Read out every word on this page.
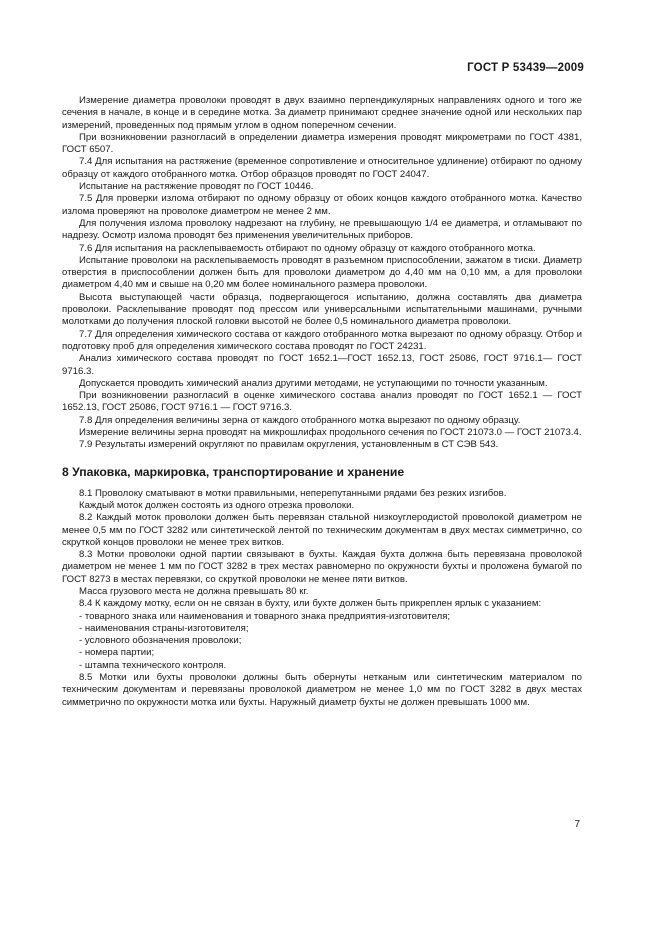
ГОСТ Р 53439—2009

Измерение диаметра проволоки проводят в двух взаимно перпендикулярных направлениях одного и того же сечения в начале, в конце и в середине мотка. За диаметр принимают среднее значение одной или нескольких пар измерений, проведенных под прямым углом в одном поперечном сечении.

При возникновении разногласий в определении диаметра измерения проводят микрометрами по ГОСТ 4381, ГОСТ 6507.

7.4 Для испытания на растяжение (временное сопротивление и относительное удлинение) отбирают по одному образцу от каждого отобранного мотка. Отбор образцов проводят по ГОСТ 24047.

Испытание на растяжение проводят по ГОСТ 10446.

7.5 Для проверки излома отбирают по одному образцу от обоих концов каждого отобранного мотка. Качество излома проверяют на проволоке диаметром не менее 2 мм.

Для получения излома проволоку надрезают на глубину, не превышающую 1/4 ее диаметра, и отламывают по надрезу. Осмотр излома проводят без применения увеличительных приборов.

7.6 Для испытания на расклепываемость отбирают по одному образцу от каждого отобранного мотка.

Испытание проволоки на расклепываемость проводят в разъемном приспособлении, зажатом в тиски. Диаметр отверстия в приспособлении должен быть для проволоки диаметром до 4,40 мм на 0,10 мм, а для проволоки диаметром 4,40 мм и свыше на 0,20 мм более номинального размера проволоки.

Высота выступающей части образца, подвергающегося испытанию, должна составлять два диаметра проволоки. Расклепывание проводят под прессом или универсальными испытательными машинами, ручными молотками до получения плоской головки высотой не более 0,5 номинального диаметра проволоки.

7.7 Для определения химического состава от каждого отобранного мотка вырезают по одному образцу. Отбор и подготовку проб для определения химического состава проводят по ГОСТ 24231.

Анализ химического состава проводят по ГОСТ 1652.1—ГОСТ 1652.13, ГОСТ 25086, ГОСТ 9716.1— ГОСТ 9716.3.

Допускается проводить химический анализ другими методами, не уступающими по точности указанным.

При возникновении разногласий в оценке химического состава анализ проводят по ГОСТ 1652.1 — ГОСТ 1652.13, ГОСТ 25086, ГОСТ 9716.1 — ГОСТ 9716.3.

7.8 Для определения величины зерна от каждого отобранного мотка вырезают по одному образцу.

Измерение величины зерна проводят на микрошлифах продольного сечения по ГОСТ 21073.0 — ГОСТ 21073.4.

7.9 Результаты измерений округляют по правилам округления, установленным в СТ СЭВ 543.

8 Упаковка, маркировка, транспортирование и хранение

8.1 Проволоку сматывают в мотки правильными, неперепутанными рядами без резких изгибов.

Каждый моток должен состоять из одного отрезка проволоки.

8.2 Каждый моток проволоки должен быть перевязан стальной низкоуглеродистой проволокой диаметром не менее 0,5 мм по ГОСТ 3282 или синтетической лентой по техническим документам в двух местах симметрично, со скруткой концов проволоки не менее трех витков.

8.3 Мотки проволоки одной партии связывают в бухты. Каждая бухта должна быть перевязана проволокой диаметром не менее 1 мм по ГОСТ 3282 в трех местах равномерно по окружности бухты и проложена бумагой по ГОСТ 8273 в местах перевязки, со скруткой проволоки не менее пяти витков.

Масса грузового места не должна превышать 80 кг.

8.4 К каждому мотку, если он не связан в бухту, или бухте должен быть прикреплен ярлык с указанием:

- товарного знака или наименования и товарного знака предприятия-изготовителя;

- наименования страны-изготовителя;

- условного обозначения проволоки;

- номера партии;

- штампа технического контроля.

8.5 Мотки или бухты проволоки должны быть обернуты нетканым или синтетическим материалом по техническим документам и перевязаны проволокой диаметром не менее 1,0 мм по ГОСТ 3282 в двух местах симметрично по окружности мотка или бухты. Наружный диаметр бухты не должен превышать 1000 мм.

7
